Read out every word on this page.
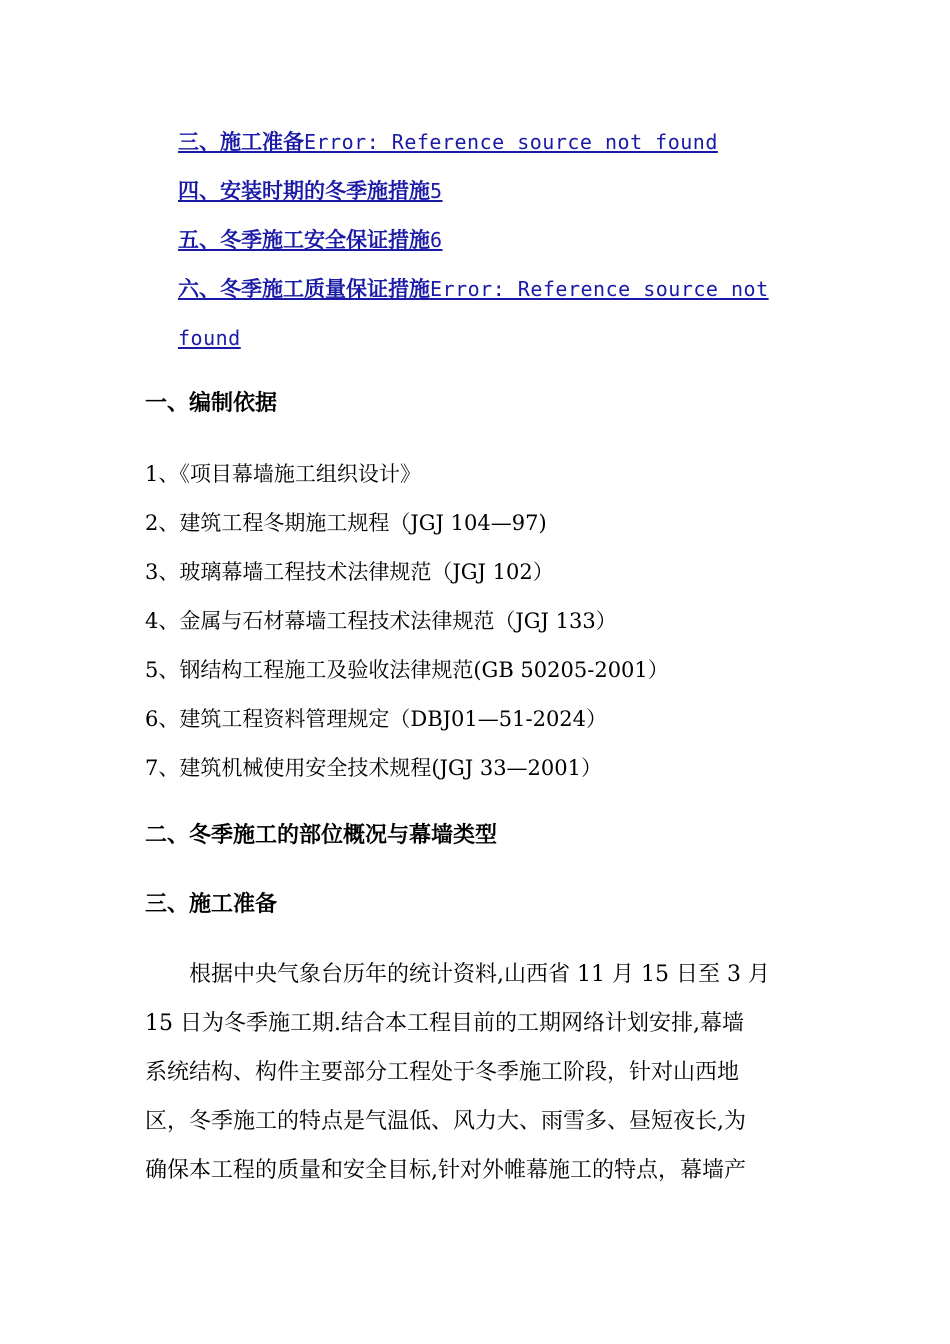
三、施工准备Error: Reference source not found
四、安装时期的冬季施措施5
五、冬季施工安全保证措施6
六、冬季施工质量保证措施Error: Reference source not
found
一、编制依据
1、《项目幕墙施工组织设计》
2、建筑工程冬期施工规程（JGJ 104—97)
3、玻璃幕墙工程技术法律规范（JGJ 102）
4、金属与石材幕墙工程技术法律规范（JGJ 133）
5、钢结构工程施工及验收法律规范(GB 50205-2001）
6、建筑工程资料管理规定（DBJ01—51-2024）
7、建筑机械使用安全技术规程(JGJ 33—2001）
二、冬季施工的部位概况与幕墙类型
三、施工准备
根据中央气象台历年的统计资料,山西省 11 月 15 日至 3 月
15 日为冬季施工期.结合本工程目前的工期网络计划安排,幕墙
系统结构、构件主要部分工程处于冬季施工阶段，针对山西地
区，冬季施工的特点是气温低、风力大、雨雪多、昼短夜长,为
确保本工程的质量和安全目标,针对外帷幕施工的特点，幕墙产
